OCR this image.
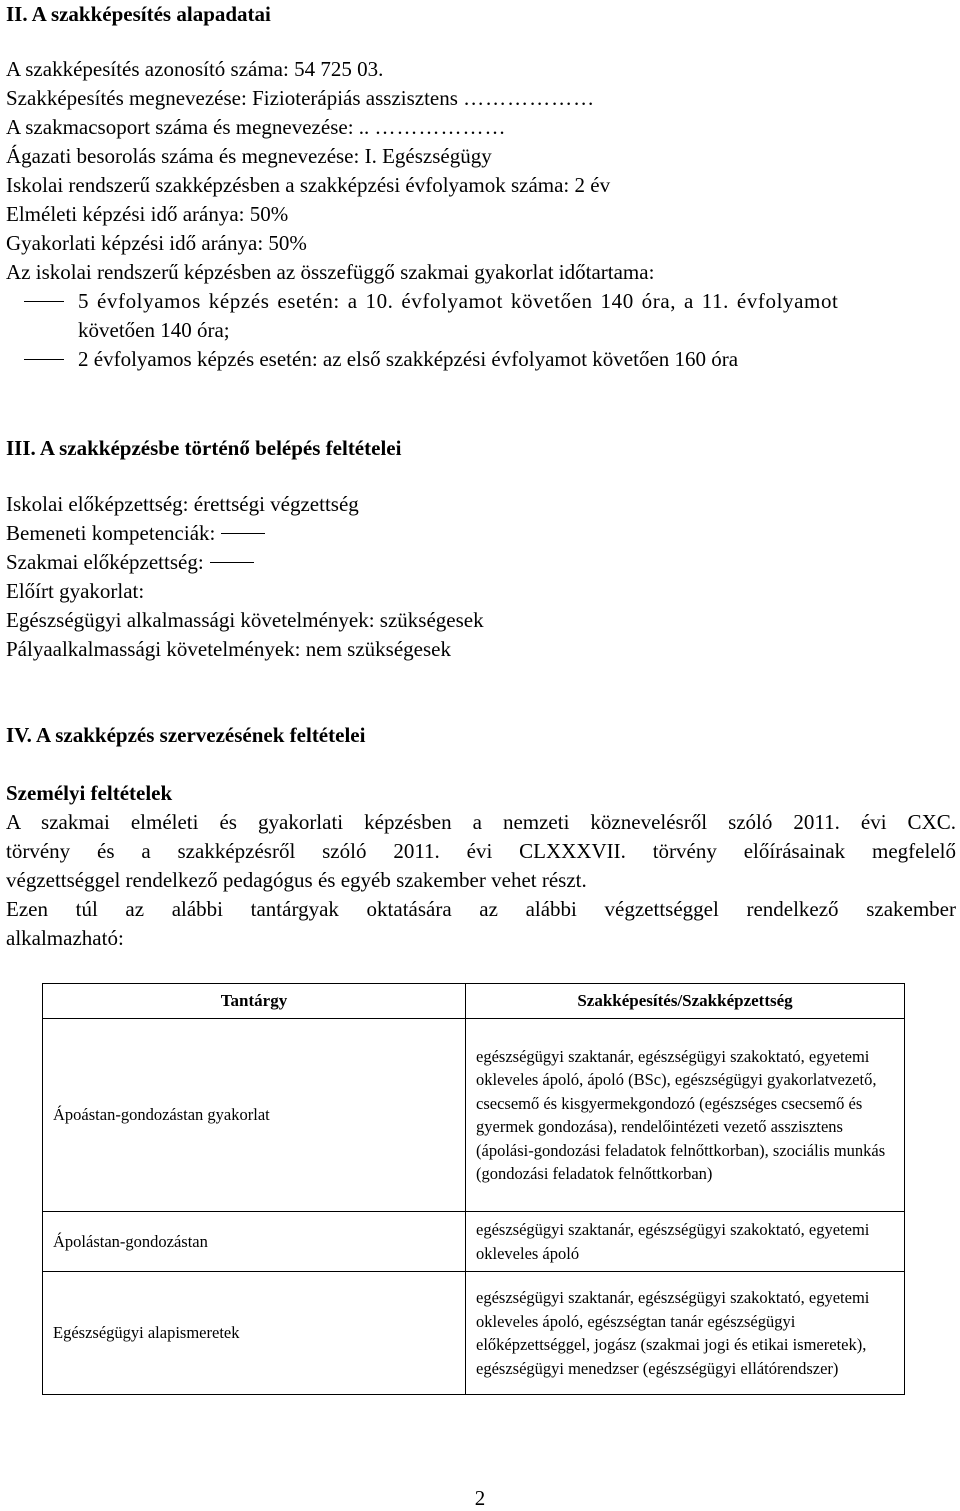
II. A szakképesítés alapadatai
A szakképesítés azonosító száma: 54 725 03.
Szakképesítés megnevezése: Fizioterápiás asszisztens ………………
A szakmacsoport száma és megnevezése: .. ………………
Ágazati besorolás száma és megnevezése: I. Egészségügy
Iskolai rendszerű szakképzésben a szakképzési évfolyamok száma: 2 év
Elméleti képzési idő aránya: 50%
Gyakorlati képzési idő aránya: 50%
Az iskolai rendszerű képzésben az összefüggő szakmai gyakorlat időtartama:
5 évfolyamos képzés esetén: a 10. évfolyamot követően 140 óra, a 11. évfolyamot
követően 140 óra;
2 évfolyamos képzés esetén: az első szakképzési évfolyamot követően 160 óra
III. A szakképzésbe történő belépés feltételei
Iskolai előképzettség: érettségi végzettség
Bemeneti kompetenciák:
Szakmai előképzettség:
Előírt gyakorlat:
Egészségügyi alkalmassági követelmények: szükségesek
Pályaalkalmassági követelmények: nem szükségesek
IV. A szakképzés szervezésének feltételei
Személyi feltételek
A szakmai elméleti és gyakorlati képzésben a nemzeti köznevelésről szóló 2011. évi CXC.
törvény és a szakképzésről szóló 2011. évi CLXXXVII. törvény előírásainak megfelelő
végzettséggel rendelkező pedagógus és egyéb szakember vehet részt.
Ezen túl az alábbi tantárgyak oktatására az alábbi végzettséggel rendelkező szakember
alkalmazható:
Tantárgy	Szakképesítés/Szakképzettség
Ápoástan-gondozástan gyakorlat	egészségügyi szaktanár, egészségügyi szakoktató, egyetemi okleveles ápoló, ápoló (BSc), egészségügyi gyakorlatvezető, csecsemő és kisgyermekgondozó (egészséges csecsemő és gyermek gondozása), rendelőintézeti vezető asszisztens (ápolási-gondozási feladatok felnőttkorban), szociális munkás (gondozási feladatok felnőttkorban)
Ápolástan-gondozástan	egészségügyi szaktanár, egészségügyi szakoktató, egyetemi okleveles ápoló
Egészségügyi alapismeretek	egészségügyi szaktanár, egészségügyi szakoktató, egyetemi okleveles ápoló, egészségtan tanár egészségügyi előképzettséggel, jogász (szakmai jogi és etikai ismeretek), egészségügyi menedzser (egészségügyi ellátórendszer)
2
